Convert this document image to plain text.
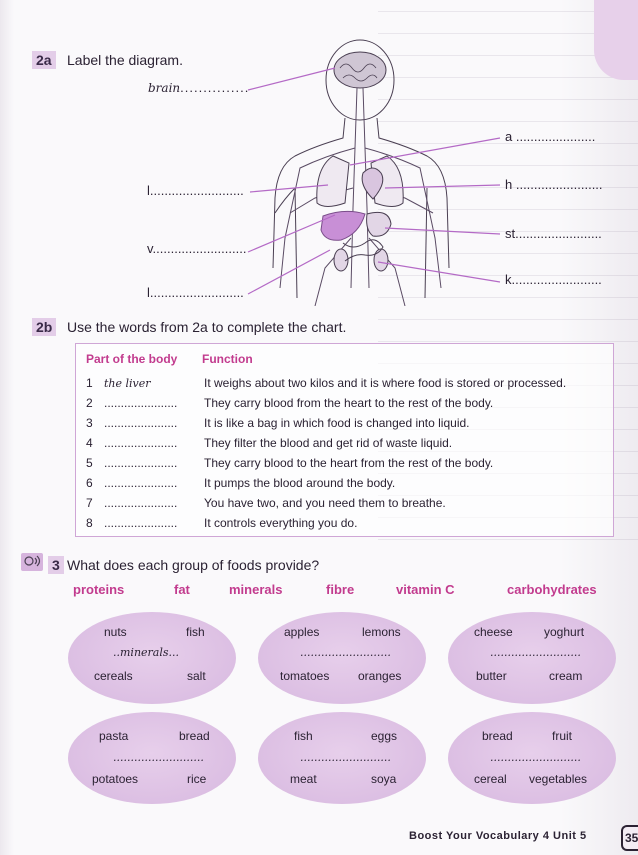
2a Label the diagram.
brain...............
a ......................
h ........................
l..........................
st........................
v..........................
k.........................
l..........................
2b Use the words from 2a to complete the chart.
Part of the body Function
1 the liver	It weighs about two kilos and it is where food is stored or processed.
2 ......................	They carry blood from the heart to the rest of the body.
3 ......................	It is like a bag in which food is changed into liquid.
4 ......................	They filter the blood and get rid of waste liquid.
5 ......................	They carry blood to the heart from the rest of the body.
6 ......................	It pumps the blood around the body.
7 ......................	You have two, and you need them to breathe.
8 ......................	It controls everything you do.
3 What does each group of foods provide?
proteins	fat	minerals	fibre	vitamin C	carbohydrates
nuts	fish
..minerals...
cereals	salt
apples	lemons
..........................
tomatoes oranges
cheese	yoghurt
..........................
butter	cream
pasta	bread
..........................
potatoes	rice
fish	eggs
..........................
meat	soya
bread	fruit
..........................
cereal vegetables
Boost Your Vocabulary 4 Unit 5	35
